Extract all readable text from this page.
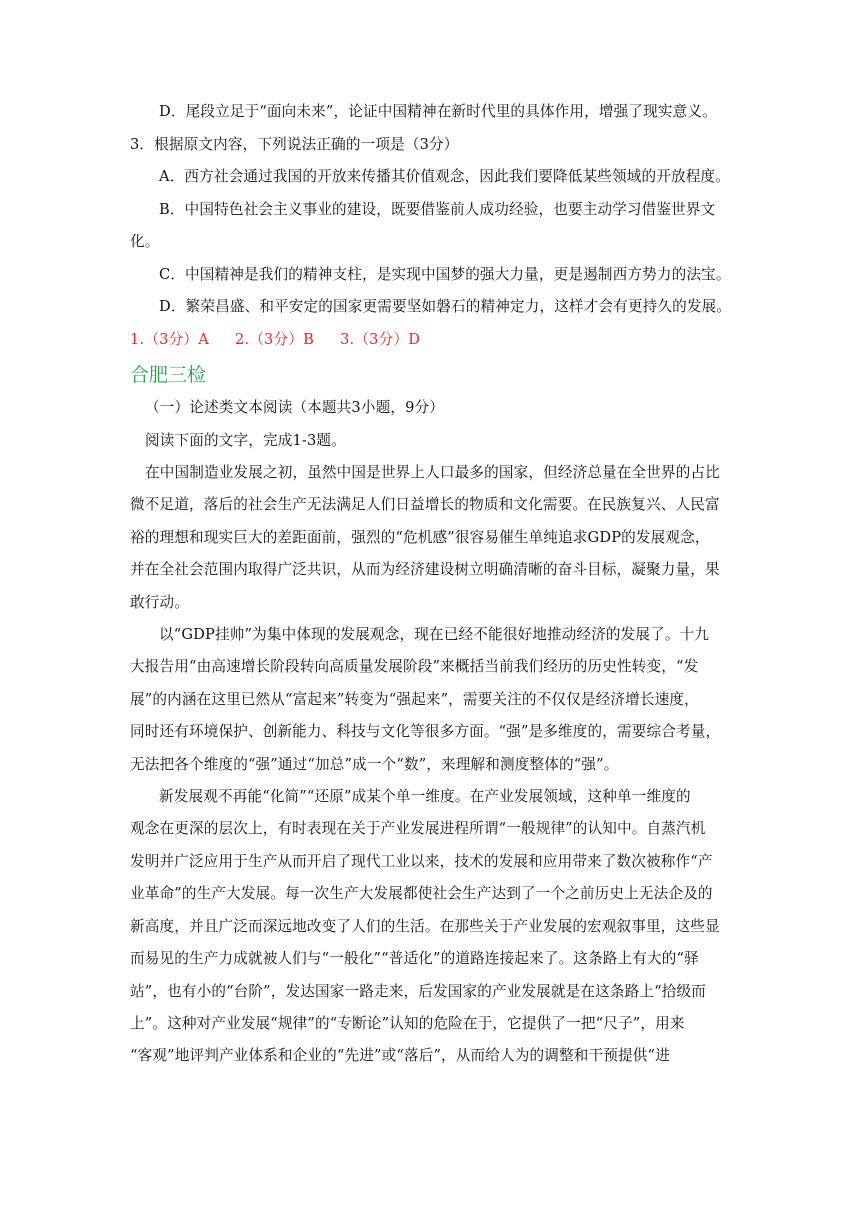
D．尾段立足于“面向未来”，论证中国精神在新时代里的具体作用，增强了现实意义。
3．根据原文内容，下列说法正确的一项是（3分）
A．西方社会通过我国的开放来传播其价值观念，因此我们要降低某些领域的开放程度。
B．中国特色社会主义事业的建设，既要借鉴前人成功经验，也要主动学习借鉴世界文
化。
C．中国精神是我们的精神支柱，是实现中国梦的强大力量，更是遏制西方势力的法宝。
D．繁荣昌盛、和平安定的国家更需要坚如磐石的精神定力，这样才会有更持久的发展。
1.（3分）A 2.（3分）B 3.（3分）D
合肥三检
（一）论述类文本阅读（本题共3小题，9分）
阅读下面的文字，完成1-3题。
在中国制造业发展之初，虽然中国是世界上人口最多的国家，但经济总量在全世界的占比
微不足道，落后的社会生产无法满足人们日益增长的物质和文化需要。在民族复兴、人民富
裕的理想和现实巨大的差距面前，强烈的“危机感”很容易催生单纯追求GDP的发展观念，
并在全社会范围内取得广泛共识，从而为经济建设树立明确清晰的奋斗目标，凝聚力量，果
敢行动。
以“GDP挂帅”为集中体现的发展观念，现在已经不能很好地推动经济的发展了。十九
大报告用“由高速增长阶段转向高质量发展阶段”来概括当前我们经历的历史性转变，“发
展”的内涵在这里已然从“富起来”转变为“强起来”，需要关注的不仅仅是经济增长速度，
同时还有环境保护、创新能力、科技与文化等很多方面。“强”是多维度的，需要综合考量，
无法把各个维度的“强”通过“加总”成一个“数”，来理解和测度整体的“强”。
新发展观不再能“化简”“还原”成某个单一维度。在产业发展领域，这种单一维度的
观念在更深的层次上，有时表现在关于产业发展进程所谓“一般规律”的认知中。自蒸汽机
发明并广泛应用于生产从而开启了现代工业以来，技术的发展和应用带来了数次被称作“产
业革命”的生产大发展。每一次生产大发展都使社会生产达到了一个之前历史上无法企及的
新高度，并且广泛而深远地改变了人们的生活。在那些关于产业发展的宏观叙事里，这些显
而易见的生产力成就被人们与“一般化”“普适化”的道路连接起来了。这条路上有大的“驿
站”，也有小的“台阶”，发达国家一路走来，后发国家的产业发展就是在这条路上“拾级而
上”。这种对产业发展“规律”的“专断论”认知的危险在于，它提供了一把“尺子”，用来
“客观”地评判产业体系和企业的“先进”或“落后”，从而给人为的调整和干预提供“进
